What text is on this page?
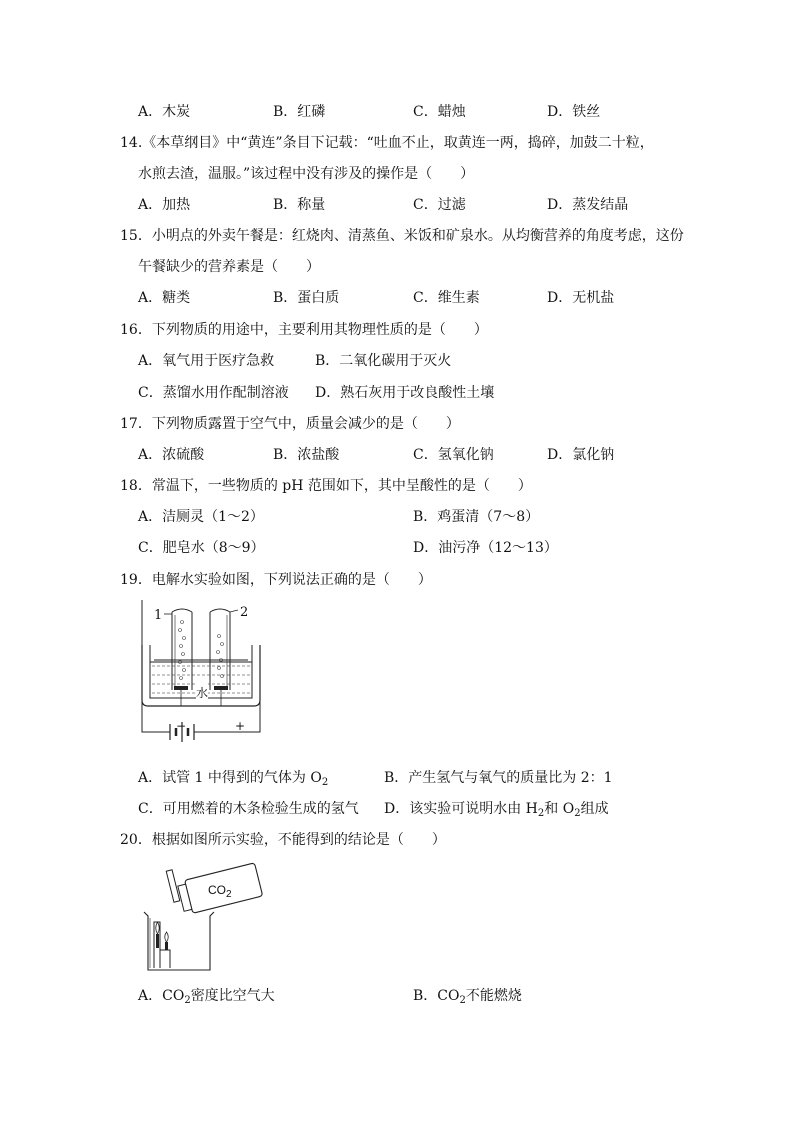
A．木炭	B．红磷	C．蜡烛	D．铁丝
14.《本草纲目》中“黄连”条目下记载：“吐血不止，取黄连一两，捣碎，加鼓二十粒，
水煎去渣，温服。”该过程中没有涉及的操作是（　　）
A．加热	B．称量	C．过滤	D．蒸发结晶
15．小明点的外卖午餐是：红烧肉、清蒸鱼、米饭和矿泉水。从均衡营养的角度考虑，这份
午餐缺少的营养素是（　　）
A．糖类	B．蛋白质	C．维生素	D．无机盐
16．下列物质的用途中，主要利用其物理性质的是（　　）
A．氧气用于医疗急救	B．二氧化碳用于灭火
C．蒸馏水用作配制溶液 D．熟石灰用于改良酸性土壤
17．下列物质露置于空气中，质量会减少的是（　　）
A．浓硫酸	B．浓盐酸	C．氢氧化钠	D．氯化钠
18．常温下，一些物质的 pH 范围如下，其中呈酸性的是（　　）
A．洁厕灵（1～2）	B．鸡蛋清（7～8）
C．肥皂水（8～9）	D．油污净（12～13）
19．电解水实验如图，下列说法正确的是（　　）
1	2
水
−	+
A．试管 1 中得到的气体为 $O_2$	B．产生氢气与氧气的质量比为 2：1
C．可用燃着的木条检验生成的氢气 D．该实验可说明水由 $H_2$和 $O_2$组成
20．根据如图所示实验，不能得到的结论是（　　）
$CO_2$
A．$CO_2$密度比空气大	B．$CO_2$不能燃烧
